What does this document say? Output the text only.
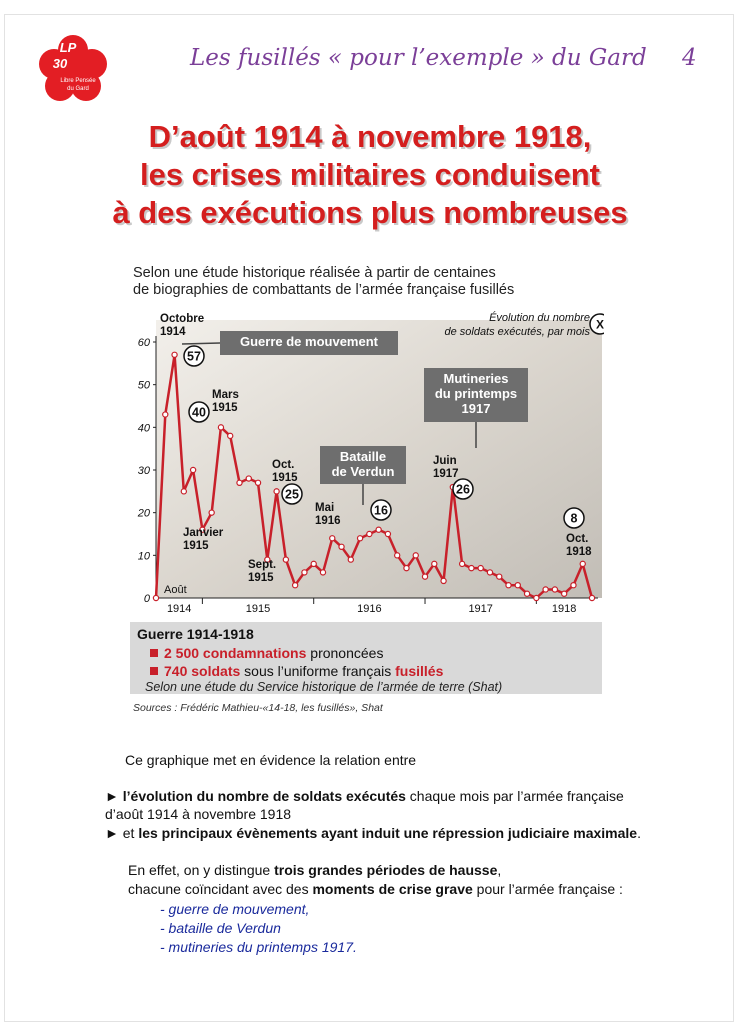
LP
30
Libre Pensée
du Gard
Les fusillés « pour l’exemple » du Gard 4
D’août 1914 à novembre 1918,
les crises militaires conduisent
à des exécutions plus nombreuses
Selon une étude historique réalisée à partir de centaines
de biographies de combattants de l’armée française fusillés
0
10
20
30
40
50
60
1914	1915	1916	1917	1918
Août
Guerre de mouvement
Bataille
de Verdun
Mutineries
du printemps
1917
Octobre
1914
57
Mars
1915
40
Janvier
1915
Oct.
1915
25
Sept.
1915
Mai
1916
16
Juin
1917
26
Oct.
1918
8
Évolution du nombre
de soldats exécutés, par mois
X
Guerre 1914-1918
2 500 condamnations prononcées
740 soldats sous l’uniforme français fusillés
Selon une étude du Service historique de l’armée de terre (Shat)
Sources : Frédéric Mathieu-«14-18, les fusillés», Shat
Ce graphique met en évidence la relation entre
► l’évolution du nombre de soldats exécutés chaque mois par l’armée française
d’août 1914 à novembre 1918
► et les principaux évènements ayant induit une répression judiciaire maximale.
En effet, on y distingue trois grandes périodes de hausse,
chacune coïncidant avec des moments de crise grave pour l’armée française :
- guerre de mouvement,
- bataille de Verdun
- mutineries du printemps 1917.
